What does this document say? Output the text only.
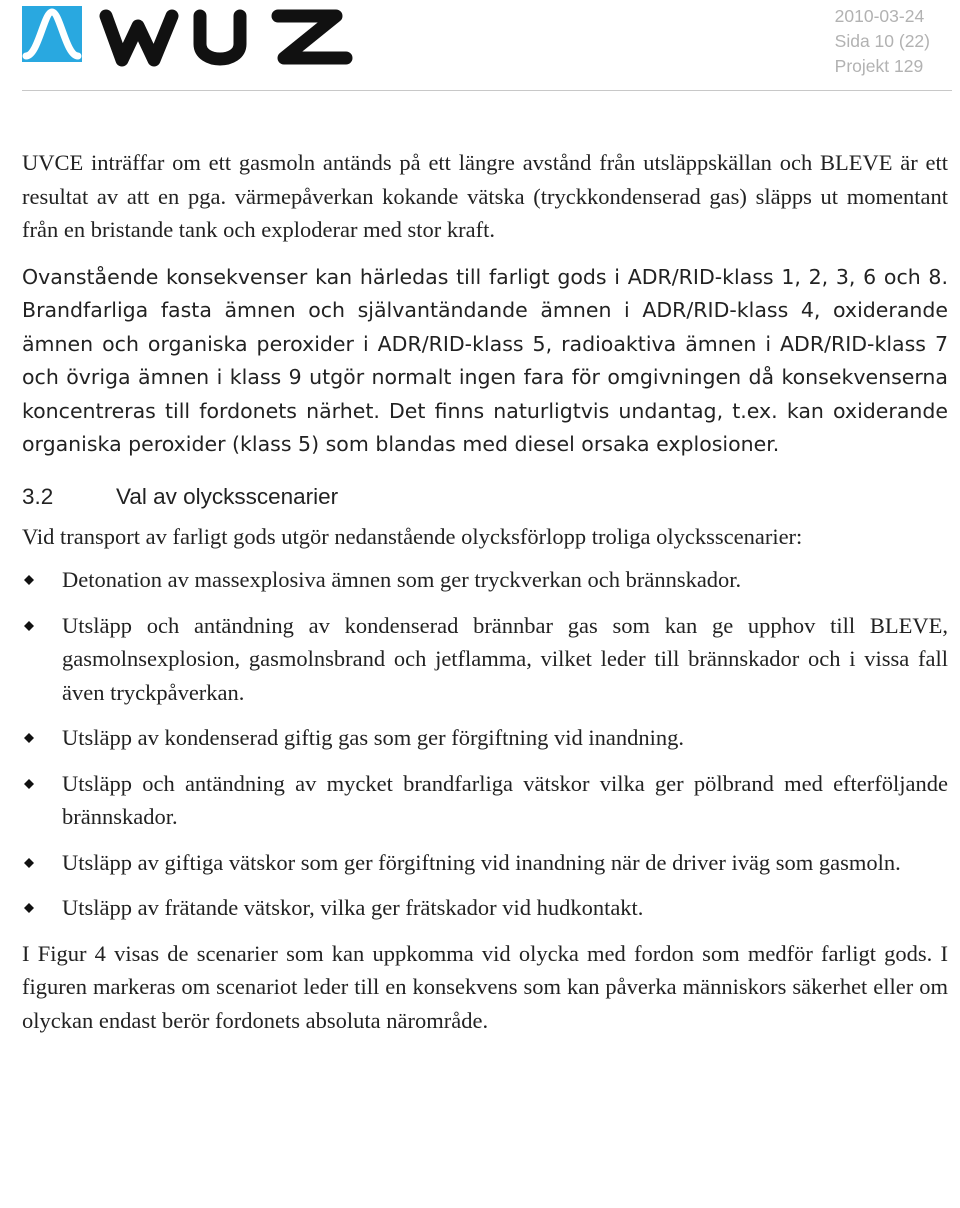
2010-03-24
Sida 10 (22)
Projekt 129

UVCE inträffar om ett gasmoln antänds på ett längre avstånd från utsläppskällan och BLEVE är ett resultat av att en pga. värmepåverkan kokande vätska (tryckkondenserad gas) släpps ut momentant från en bristande tank och exploderar med stor kraft.

Ovanstående konsekvenser kan härledas till farligt gods i ADR/RID-klass 1, 2, 3, 6 och 8. Brandfarliga fasta ämnen och självantändande ämnen i ADR/RID-klass 4, oxiderande ämnen och organiska peroxider i ADR/RID-klass 5, radioaktiva ämnen i ADR/RID-klass 7 och övriga ämnen i klass 9 utgör normalt ingen fara för omgivningen då konsekvenserna koncentreras till fordonets närhet. Det finns naturligtvis undantag, t.ex. kan oxiderande organiska peroxider (klass 5) som blandas med diesel orsaka explosioner.

3.2	Val av olycksscenarier

Vid transport av farligt gods utgör nedanstående olycksförlopp troliga olycksscenarier:

Detonation av massexplosiva ämnen som ger tryckverkan och brännskador.
Utsläpp och antändning av kondenserad brännbar gas som kan ge upphov till BLEVE, gasmolnsexplosion, gasmolnsbrand och jetflamma, vilket leder till brännskador och i vissa fall även tryckpåverkan.
Utsläpp av kondenserad giftig gas som ger förgiftning vid inandning.
Utsläpp och antändning av mycket brandfarliga vätskor vilka ger pölbrand med efterföljande brännskador.
Utsläpp av giftiga vätskor som ger förgiftning vid inandning när de driver iväg som gasmoln.
Utsläpp av frätande vätskor, vilka ger frätskador vid hudkontakt.

I Figur 4 visas de scenarier som kan uppkomma vid olycka med fordon som medför farligt gods. I figuren markeras om scenariot leder till en konsekvens som kan påverka människors säkerhet eller om olyckan endast berör fordonets absoluta närområde.
